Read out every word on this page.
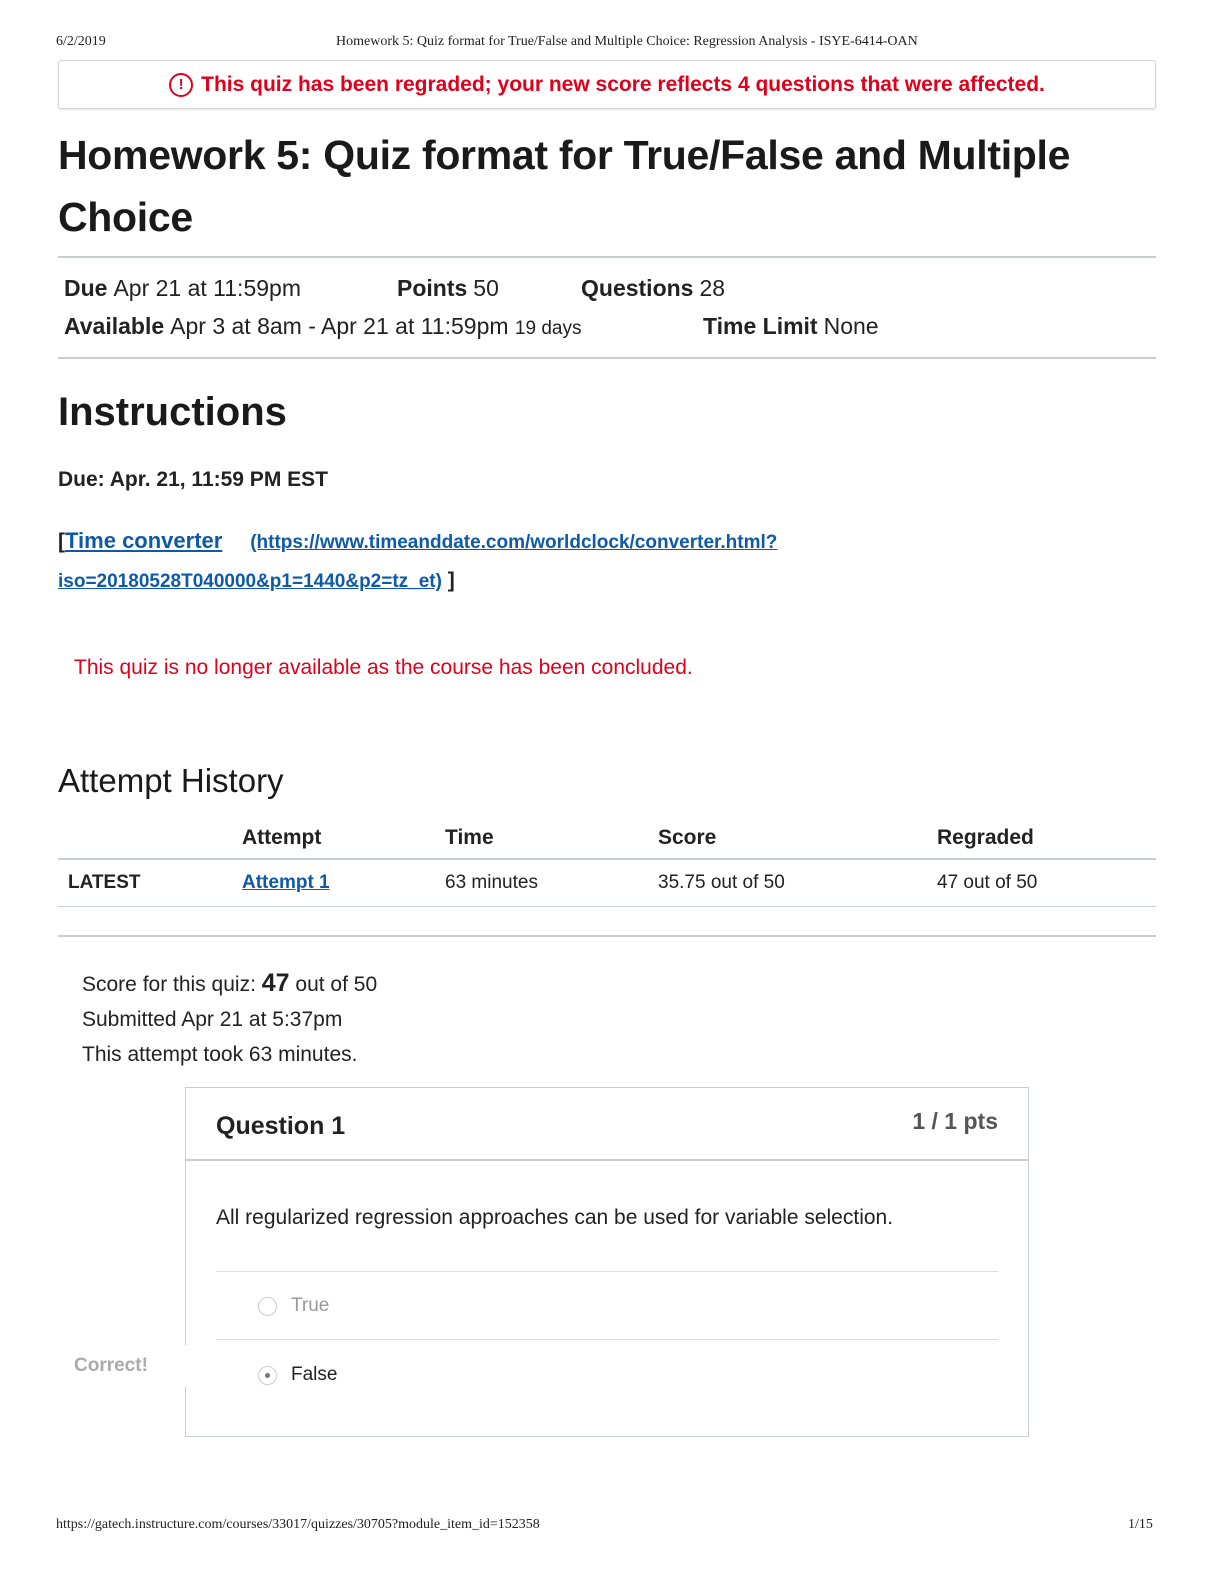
6/2/2019	Homework 5: Quiz format for True/False and Multiple Choice: Regression Analysis - ISYE-6414-OAN
! This quiz has been regraded; your new score reflects 4 questions that were affected.
Homework 5: Quiz format for True/False and Multiple Choice
Due Apr 21 at 11:59pm	Points 50	Questions 28
Available Apr 3 at 8am - Apr 21 at 11:59pm 19 days	Time Limit None
Instructions
Due: Apr. 21, 11:59 PM EST
[Time converter (https://www.timeanddate.com/worldclock/converter.html?
iso=20180528T040000&p1=1440&p2=tz_et) ]
This quiz is no longer available as the course has been concluded.
Attempt History
	Attempt	Time	Score	Regraded
LATEST	Attempt 1	63 minutes	35.75 out of 50	47 out of 50
Score for this quiz: 47 out of 50
Submitted Apr 21 at 5:37pm
This attempt took 63 minutes.
Question 1	1 / 1 pts
All regularized regression approaches can be used for variable selection.
True
False
Correct!
https://gatech.instructure.com/courses/33017/quizzes/30705?module_item_id=152358	1/15
